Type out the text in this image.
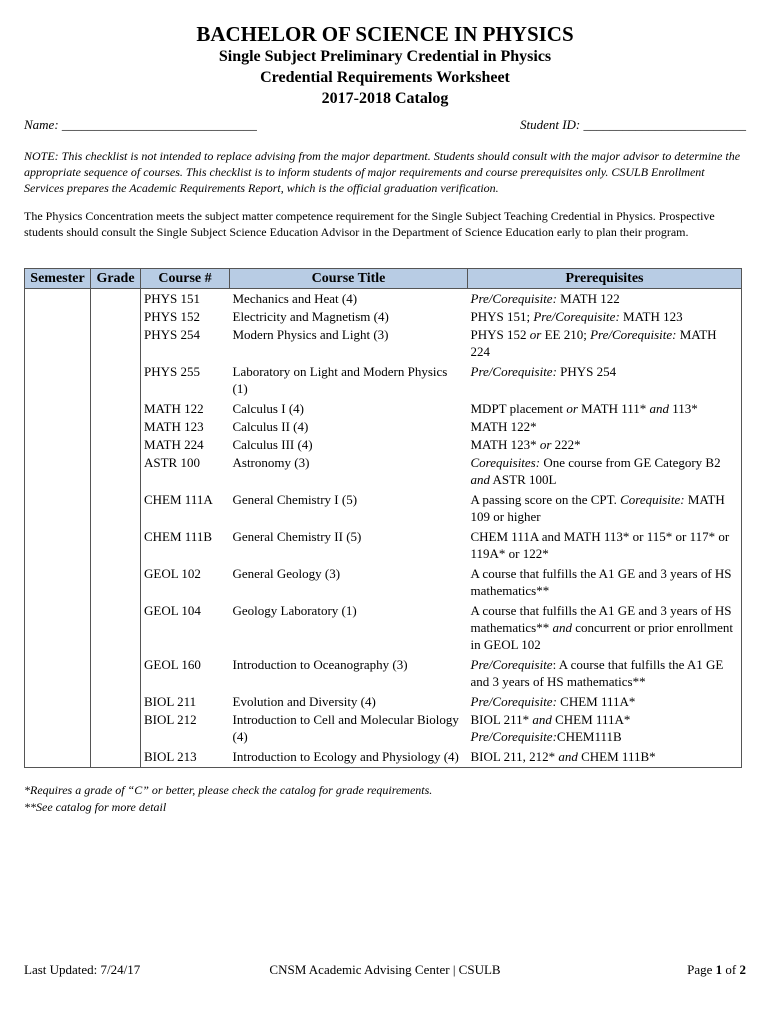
BACHELOR OF SCIENCE IN PHYSICS
Single Subject Preliminary Credential in Physics
Credential Requirements Worksheet
2017-2018 Catalog
Name: ______________________________	Student ID: _________________________
NOTE: This checklist is not intended to replace advising from the major department. Students should consult with the major advisor to determine the appropriate sequence of courses. This checklist is to inform students of major requirements and course prerequisites only. CSULB Enrollment Services prepares the Academic Requirements Report, which is the official graduation verification.
The Physics Concentration meets the subject matter competence requirement for the Single Subject Teaching Credential in Physics. Prospective students should consult the Single Subject Science Education Advisor in the Department of Science Education early to plan their program.
Semester	Grade	Course #	Course Title	Prerequisites
		PHYS 151	Mechanics and Heat (4)	Pre/Corequisite: MATH 122
		PHYS 152	Electricity and Magnetism (4)	PHYS 151; Pre/Corequisite: MATH 123
		PHYS 254	Modern Physics and Light (3)	PHYS 152 or EE 210; Pre/Corequisite: MATH 224
		PHYS 255	Laboratory on Light and Modern Physics (1)	Pre/Corequisite: PHYS 254
		MATH 122	Calculus I (4)	MDPT placement or MATH 111* and 113*
		MATH 123	Calculus II (4)	MATH 122*
		MATH 224	Calculus III (4)	MATH 123* or 222*
		ASTR 100	Astronomy (3)	Corequisites: One course from GE Category B2 and ASTR 100L
		CHEM 111A	General Chemistry I (5)	A passing score on the CPT. Corequisite: MATH 109 or higher
		CHEM 111B	General Chemistry II (5)	CHEM 111A and MATH 113* or 115* or 117* or 119A* or 122*
		GEOL 102	General Geology (3)	A course that fulfills the A1 GE and 3 years of HS mathematics**
		GEOL 104	Geology Laboratory (1)	A course that fulfills the A1 GE and 3 years of HS mathematics** and concurrent or prior enrollment in GEOL 102
		GEOL 160	Introduction to Oceanography (3)	Pre/Corequisite: A course that fulfills the A1 GE and 3 years of HS mathematics**
		BIOL 211	Evolution and Diversity (4)	Pre/Corequisite: CHEM 111A*
		BIOL 212	Introduction to Cell and Molecular Biology (4)	BIOL 211* and CHEM 111A* Pre/Corequisite:CHEM111B
		BIOL 213	Introduction to Ecology and Physiology (4)	BIOL 211, 212* and CHEM 111B*
*Requires a grade of “C” or better, please check the catalog for grade requirements.
**See catalog for more detail
Last Updated: 7/24/17	CNSM Academic Advising Center | CSULB	Page 1 of 2
